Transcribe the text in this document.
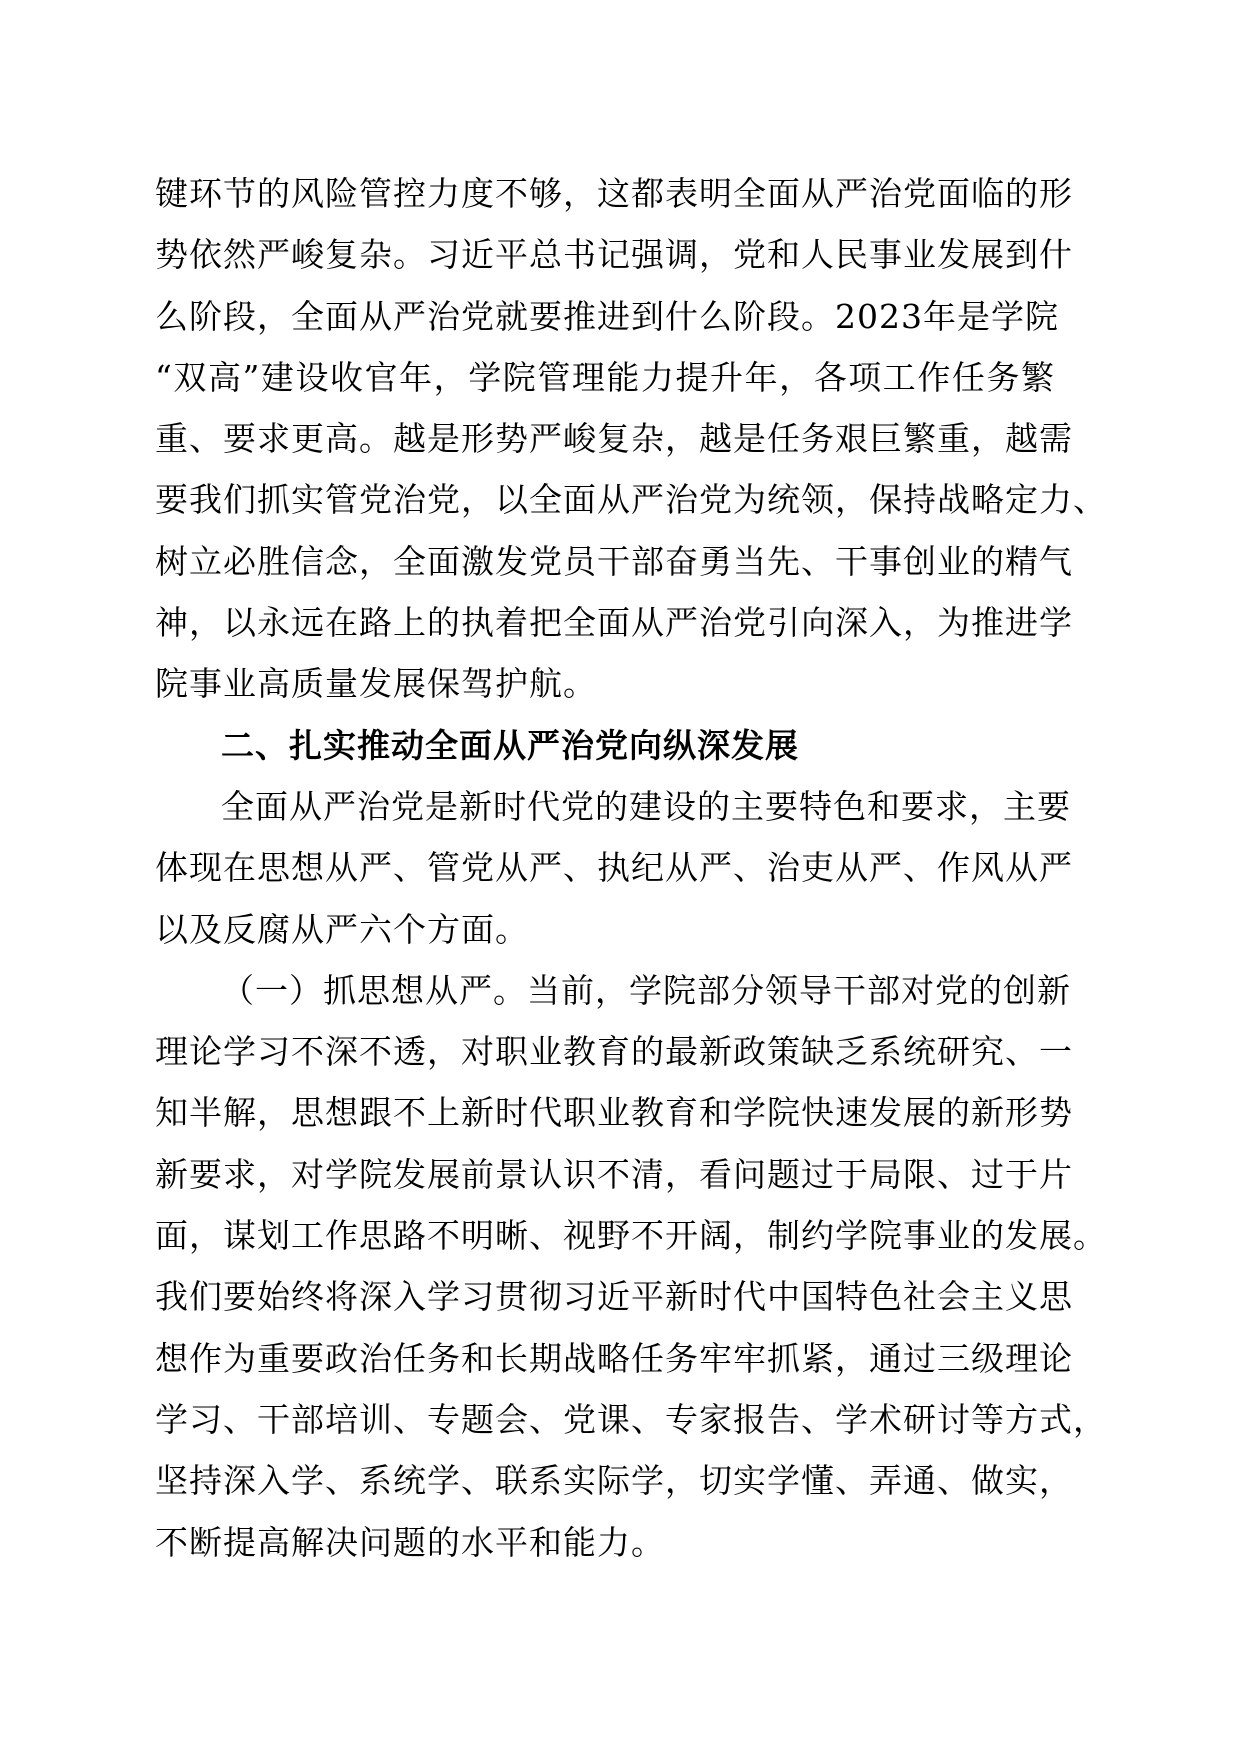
键环节的风险管控力度不够，这都表明全面从严治党面临的形
势依然严峻复杂。习近平总书记强调，党和人民事业发展到什
么阶段，全面从严治党就要推进到什么阶段。2023年是学院
“双高”建设收官年，学院管理能力提升年，各项工作任务繁
重、要求更高。越是形势严峻复杂，越是任务艰巨繁重，越需
要我们抓实管党治党，以全面从严治党为统领，保持战略定力、
树立必胜信念，全面激发党员干部奋勇当先、干事创业的精气
神，以永远在路上的执着把全面从严治党引向深入，为推进学
院事业高质量发展保驾护航。
二、扎实推动全面从严治党向纵深发展
全面从严治党是新时代党的建设的主要特色和要求，主要
体现在思想从严、管党从严、执纪从严、治吏从严、作风从严
以及反腐从严六个方面。
（一）抓思想从严。当前，学院部分领导干部对党的创新
理论学习不深不透，对职业教育的最新政策缺乏系统研究、一
知半解，思想跟不上新时代职业教育和学院快速发展的新形势
新要求，对学院发展前景认识不清，看问题过于局限、过于片
面，谋划工作思路不明晰、视野不开阔，制约学院事业的发展。
我们要始终将深入学习贯彻习近平新时代中国特色社会主义思
想作为重要政治任务和长期战略任务牢牢抓紧，通过三级理论
学习、干部培训、专题会、党课、专家报告、学术研讨等方式，
坚持深入学、系统学、联系实际学，切实学懂、弄通、做实，
不断提高解决问题的水平和能力。
